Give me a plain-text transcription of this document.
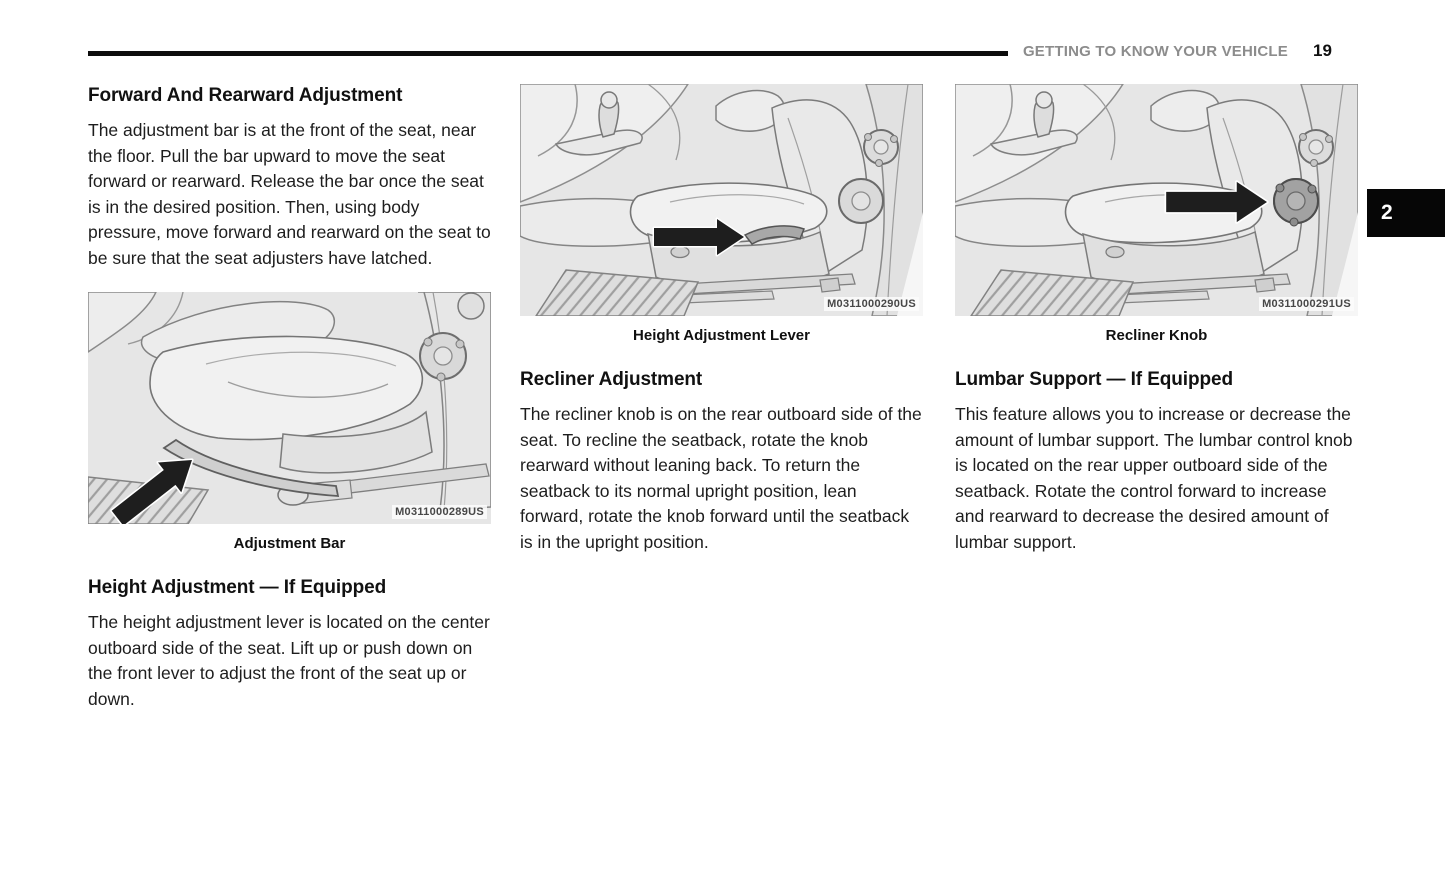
GETTING TO KNOW YOUR VEHICLE 19
2
Forward And Rearward Adjustment

The adjustment bar is at the front of the seat, near the floor. Pull the bar upward to move the seat forward or rearward. Release the bar once the seat is in the desired position. Then, using body pressure, move forward and rearward on the seat to be sure that the seat adjusters have latched.

M0311000289US
Adjustment Bar
Height Adjustment — If Equipped

The height adjustment lever is located on the center outboard side of the seat. Lift up or push down on the front lever to adjust the front of the seat up or down.

M0311000290US
Height Adjustment Lever
Recliner Adjustment

The recliner knob is on the rear outboard side of the seat. To recline the seatback, rotate the knob rearward without leaning back. To return the seatback to its normal upright position, lean forward, rotate the knob forward until the seatback is in the upright position.

M0311000291US
Recliner Knob
Lumbar Support — If Equipped

This feature allows you to increase or decrease the amount of lumbar support. The lumbar control knob is located on the rear upper outboard side of the seatback. Rotate the control forward to increase and rearward to decrease the desired amount of lumbar support.
